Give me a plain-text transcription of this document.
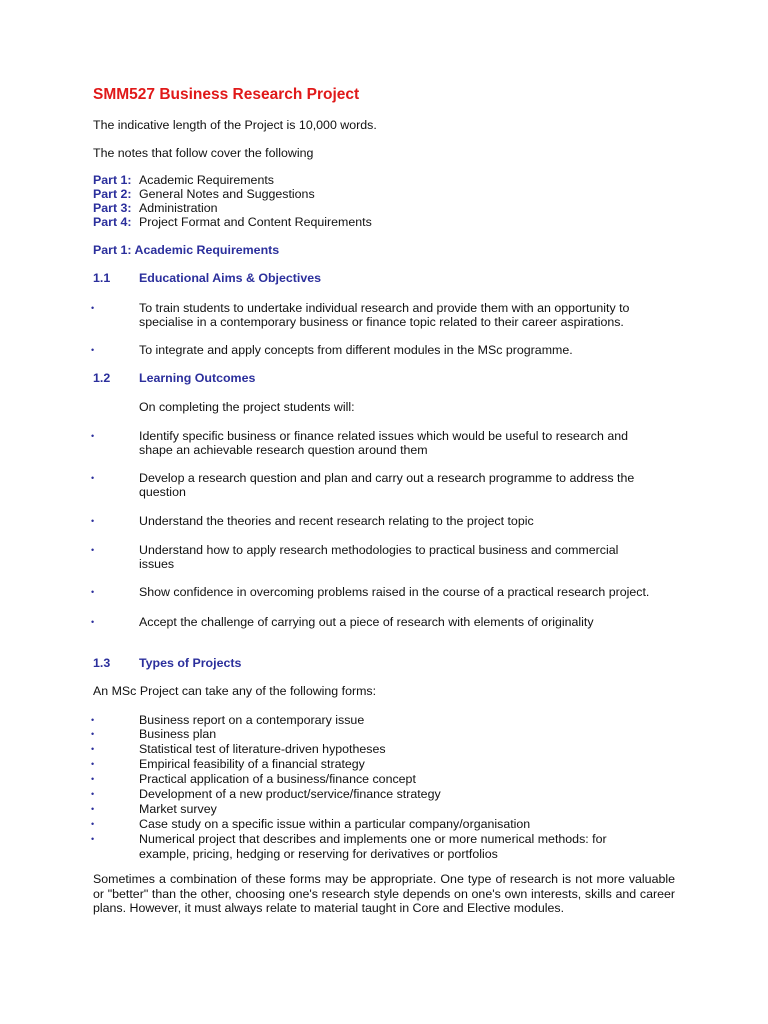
SMM527 Business Research Project
The indicative length of the Project is 10,000 words.
The notes that follow cover the following
Part 1: Academic Requirements
Part 2: General Notes and Suggestions
Part 3: Administration
Part 4: Project Format and Content Requirements
Part 1: Academic Requirements
1.1 Educational Aims & Objectives
•	To train students to undertake individual research and provide them with an opportunity to
specialise in a contemporary business or finance topic related to their career aspirations.
•	To integrate and apply concepts from different modules in the MSc programme.
1.2 Learning Outcomes
On completing the project students will:
•	Identify specific business or finance related issues which would be useful to research and
shape an achievable research question around them
•	Develop a research question and plan and carry out a research programme to address the
question
•	Understand the theories and recent research relating to the project topic
•	Understand how to apply research methodologies to practical business and commercial
issues
•	Show confidence in overcoming problems raised in the course of a practical research project.
•	Accept the challenge of carrying out a piece of research with elements of originality
1.3 Types of Projects
An MSc Project can take any of the following forms:
•	Business report on a contemporary issue
•	Business plan
•	Statistical test of literature-driven hypotheses
•	Empirical feasibility of a financial strategy
•	Practical application of a business/finance concept
•	Development of a new product/service/finance strategy
•	Market survey
•	Case study on a specific issue within a particular company/organisation
•	Numerical project that describes and implements one or more numerical methods: for
example, pricing, hedging or reserving for derivatives or portfolios
Sometimes a combination of these forms may be appropriate. One type of research is not more valuable or "better" than the other, choosing one's research style depends on one's own interests, skills and career plans. However, it must always relate to material taught in Core and Elective modules.
